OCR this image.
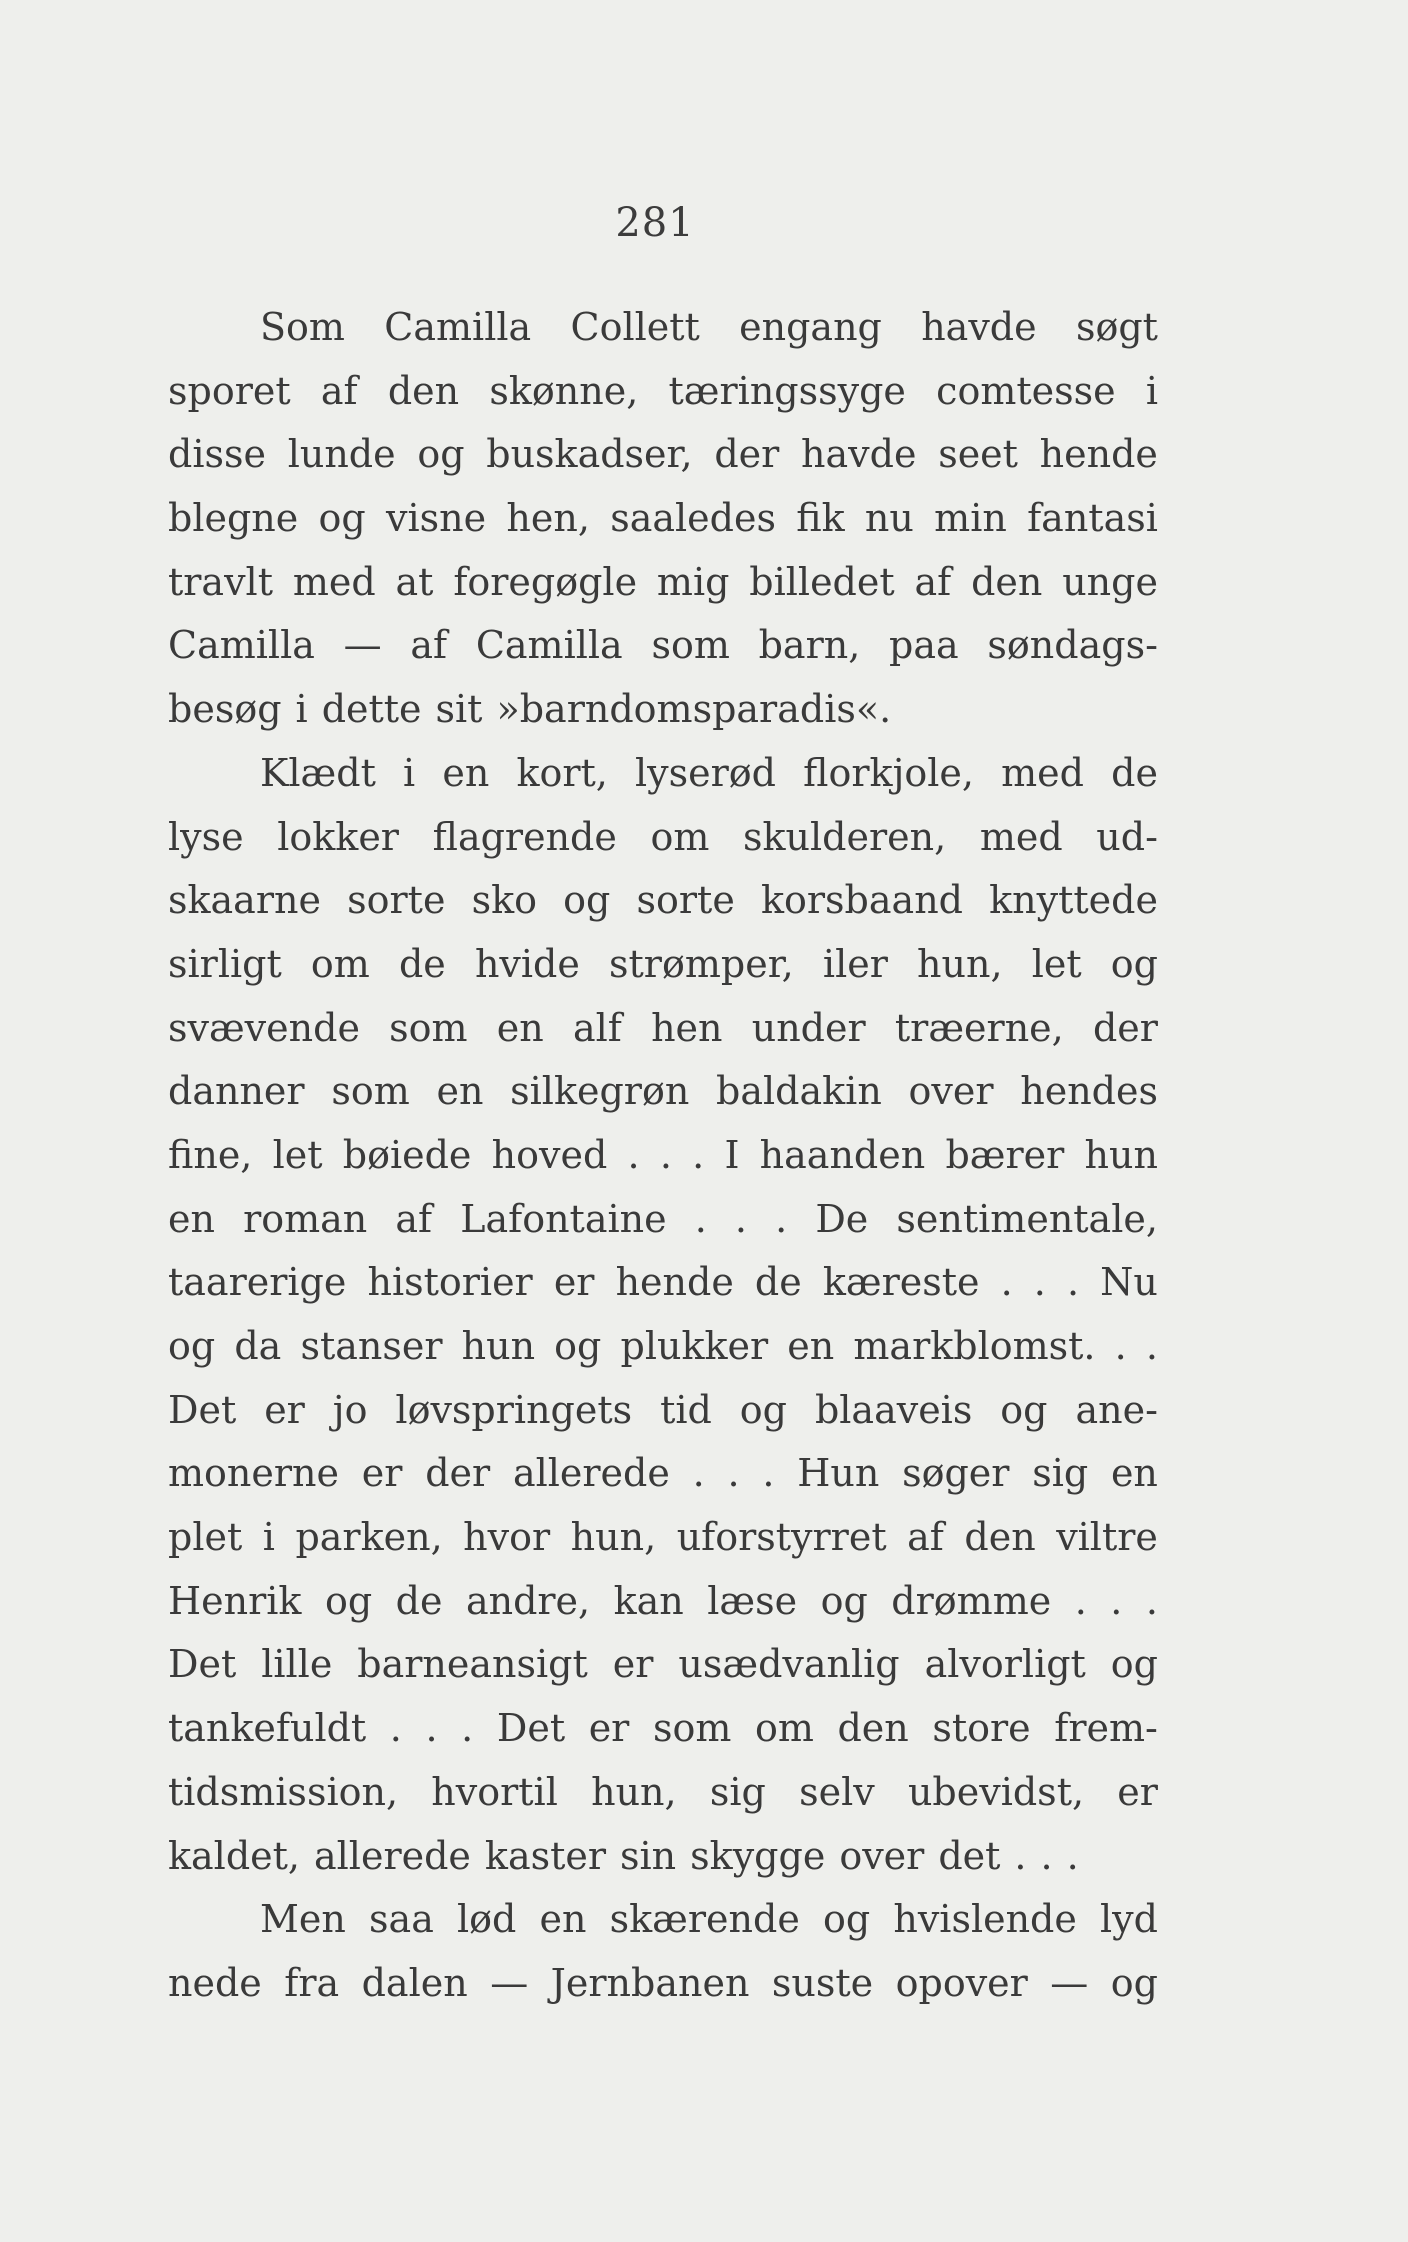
281
Som Camilla Collett engang havde søgt
sporet af den skønne, tæringssyge comtesse i
disse lunde og buskadser, der havde seet hende
blegne og visne hen, saaledes fik nu min fantasi
travlt med at foregøgle mig billedet af den unge
Camilla — af Camilla som barn, paa søndags-
besøg i dette sit »barndomsparadis«.
Klædt i en kort, lyserød florkjole, med de
lyse lokker flagrende om skulderen, med ud-
skaarne sorte sko og sorte korsbaand knyttede
sirligt om de hvide strømper, iler hun, let og
svævende som en alf hen under træerne, der
danner som en silkegrøn baldakin over hendes
fine, let bøiede hoved . . . I haanden bærer hun
en roman af Lafontaine . . . De sentimentale,
taarerige historier er hende de kæreste . . . Nu
og da stanser hun og plukker en markblomst. . .
Det er jo løvspringets tid og blaaveis og ane-
monerne er der allerede . . . Hun søger sig en
plet i parken, hvor hun, uforstyrret af den viltre
Henrik og de andre, kan læse og drømme . . .
Det lille barneansigt er usædvanlig alvorligt og
tankefuldt . . . Det er som om den store frem-
tidsmission, hvortil hun, sig selv ubevidst, er
kaldet, allerede kaster sin skygge over det . . .
Men saa lød en skærende og hvislende lyd
nede fra dalen — Jernbanen suste opover — og
